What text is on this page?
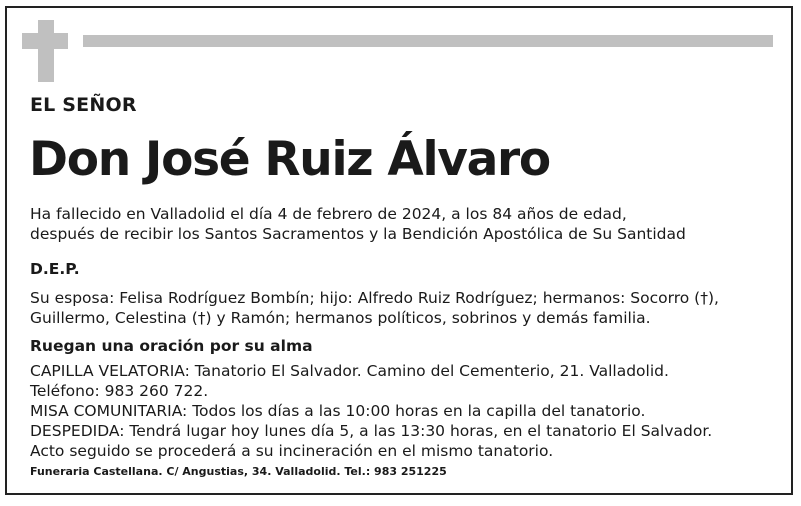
EL SEÑOR
Don José Ruiz Álvaro
Ha fallecido en Valladolid el día 4 de febrero de 2024, a los 84 años de edad,
después de recibir los Santos Sacramentos y la Bendición Apostólica de Su Santidad
D.E.P.
Su esposa: Felisa Rodríguez Bombín; hijo: Alfredo Ruiz Rodríguez; hermanos: Socorro (†),
Guillermo, Celestina (†) y Ramón; hermanos políticos, sobrinos y demás familia.
Ruegan una oración por su alma
CAPILLA VELATORIA: Tanatorio El Salvador. Camino del Cementerio, 21. Valladolid.
Teléfono: 983 260 722.
MISA COMUNITARIA: Todos los días a las 10:00 horas en la capilla del tanatorio.
DESPEDIDA: Tendrá lugar hoy lunes día 5, a las 13:30 horas, en el tanatorio El Salvador.
Acto seguido se procederá a su incineración en el mismo tanatorio.
Funeraria Castellana. C/ Angustias, 34. Valladolid. Tel.: 983 251225
